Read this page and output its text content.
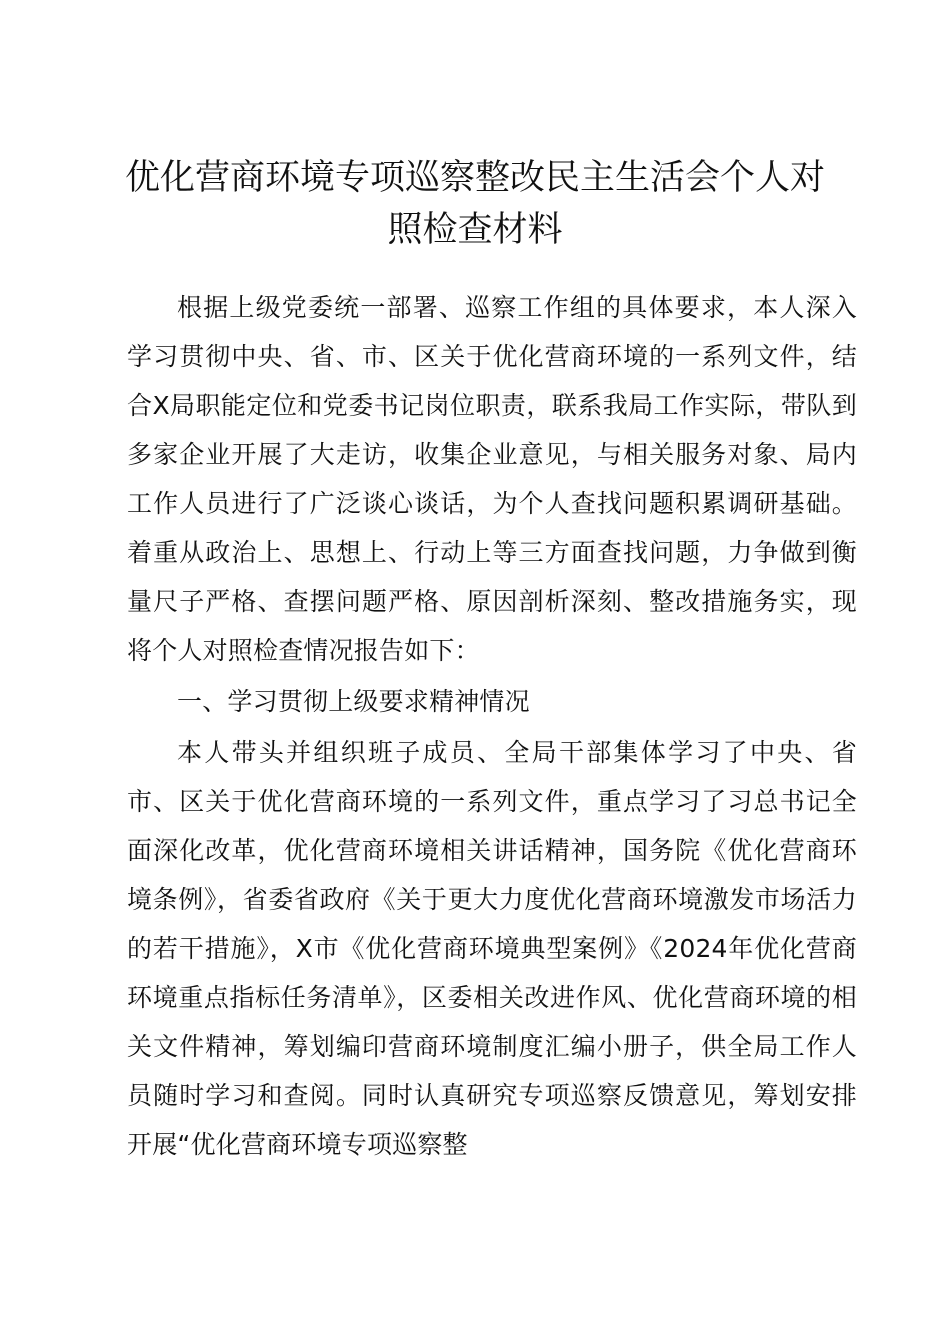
优化营商环境专项巡察整改民主生活会个人对照检查材料

根据上级党委统一部署、巡察工作组的具体要求，本人深入学习贯彻中央、省、市、区关于优化营商环境的一系列文件，结合X局职能定位和党委书记岗位职责，联系我局工作实际，带队到多家企业开展了大走访，收集企业意见，与相关服务对象、局内工作人员进行了广泛谈心谈话，为个人查找问题积累调研基础。着重从政治上、思想上、行动上等三方面查找问题，力争做到衡量尺子严格、查摆问题严格、原因剖析深刻、整改措施务实，现将个人对照检查情况报告如下：

一、学习贯彻上级要求精神情况

本人带头并组织班子成员、全局干部集体学习了中央、省市、区关于优化营商环境的一系列文件，重点学习了习总书记全面深化改革，优化营商环境相关讲话精神，国务院《优化营商环境条例》，省委省政府《关于更大力度优化营商环境激发市场活力的若干措施》，X市《优化营商环境典型案例》《2024年优化营商环境重点指标任务清单》，区委相关改进作风、优化营商环境的相关文件精神，筹划编印营商环境制度汇编小册子，供全局工作人员随时学习和查阅。同时认真研究专项巡察反馈意见，筹划安排开展“优化营商环境专项巡察整
